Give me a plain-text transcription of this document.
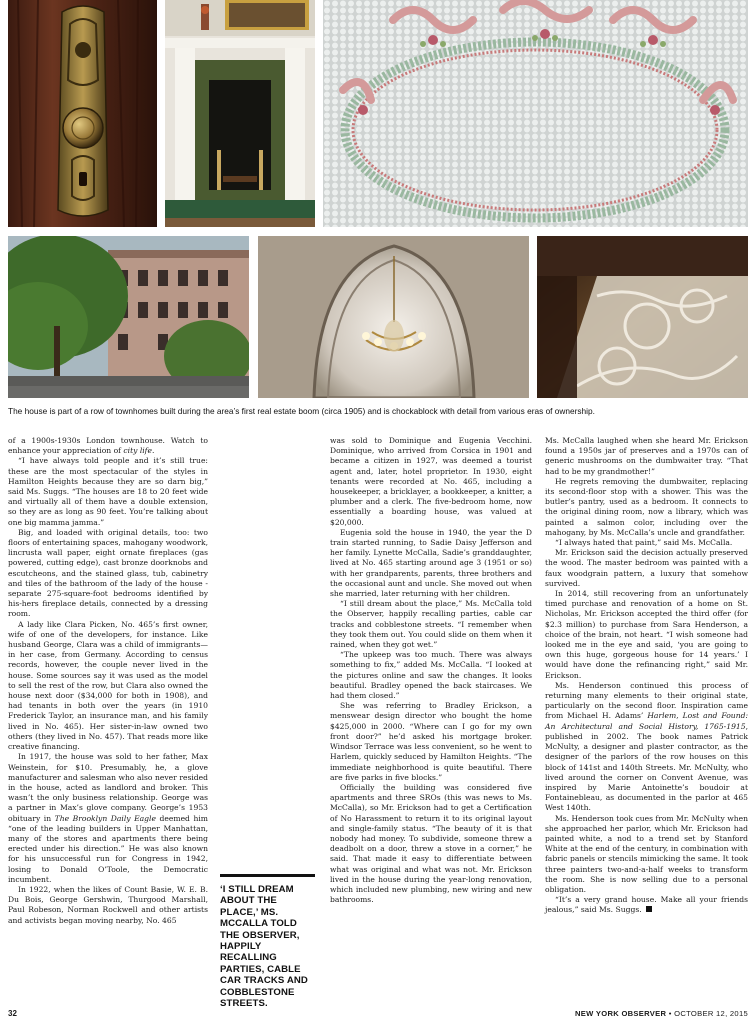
The house is part of a row of townhomes built during the area’s first real estate boom (circa 1905) and is chockablock with detail from various eras of ownership.

of a 1900s-1930s London townhouse. Watch to enhance your appreciation of city life.

“I have always told people and it’s still true: these are the most spectacular of the styles in Hamilton Heights because they are so darn big,” said Ms. Suggs. “The houses are 18 to 20 feet wide and virtually all of them have a double extension, so they are as long as 90 feet. You’re talking about one big mamma jamma.”

Big, and loaded with original details, too: two floors of entertaining spaces, mahogany woodwork, lincrusta wall paper, eight ornate fireplaces (gas powered, cutting edge), cast bronze doorknobs and escutcheons, and the stained glass, tub, cabinetry and tiles of the bathroom of the lady of the house -separate 275-square-foot bedrooms identified by his-hers fireplace details, connected by a dressing room.

A lady like Clara Picken, No. 465’s first owner, wife of one of the developers, for instance. Like husband George, Clara was a child of immigrants—in her case, from Germany. According to census records, however, the couple never lived in the house. Some sources say it was used as the model to sell the rest of the row, but Clara also owned the house next door ($34,000 for both in 1908), and had tenants in both over the years (in 1910 Frederick Taylor, an insurance man, and his family lived in No. 465). Her sister-in-law owned two others (they lived in No. 457). That reads more like creative financing.

In 1917, the house was sold to her father, Max Weinstein, for $10. Presumably, he, a glove manufacturer and salesman who also never resided in the house, acted as landlord and broker. This wasn’t the only business relationship. George was a partner in Max’s glove company. George’s 1953 obituary in The Brooklyn Daily Eagle deemed him “one of the leading builders in Upper Manhattan, many of the stores and apartments there being erected under his direction.” He was also known for his unsuccessful run for Congress in 1942, losing to Donald O’Toole, the Democratic incumbent.

In 1922, when the likes of Count Basie, W. E. B. Du Bois, George Gershwin, Thurgood Marshall, Paul Robeson, Norman Rockwell and other artists and activists began moving nearby, No. 465

‘I STILL DREAM ABOUT THE PLACE,’ MS. MCCALLA TOLD THE OBSERVER, HAPPILY RECALLING PARTIES, CABLE CAR TRACKS AND COBBLESTONE STREETS.

was sold to Dominique and Eugenia Vecchini. Dominique, who arrived from Corsica in 1901 and became a citizen in 1927, was deemed a tourist agent and, later, hotel proprietor. In 1930, eight tenants were recorded at No. 465, including a housekeeper, a bricklayer, a bookkeeper, a knitter, a plumber and a clerk. The five-bedroom home, now essentially a boarding house, was valued at $20,000.

Eugenia sold the house in 1940, the year the D train started running, to Sadie Daisy Jefferson and her family. Lynette McCalla, Sadie’s granddaughter, lived at No. 465 starting around age 3 (1951 or so) with her grandparents, parents, three brothers and the occasional aunt and uncle. She moved out when she married, later returning with her children.

“I still dream about the place,” Ms. McCalla told the Observer, happily recalling parties, cable car tracks and cobblestone streets. “I remember when they took them out. You could slide on them when it rained, when they got wet.”

“The upkeep was too much. There was always something to fix,” added Ms. McCalla. “I looked at the pictures online and saw the changes. It looks beautiful. Bradley opened the back staircases. We had them closed.”

She was referring to Bradley Erickson, a menswear design director who bought the home $425,000 in 2000. “Where can I go for my own front door?” he’d asked his mortgage broker. Windsor Terrace was less convenient, so he went to Harlem, quickly seduced by Hamilton Heights. “The immediate neighborhood is quite beautiful. There are five parks in five blocks.”

Officially the building was considered five apartments and three SROs (this was news to Ms. McCalla), so Mr. Erickson had to get a Certification of No Harassment to return it to its original layout and single-family status. “The beauty of it is that nobody had money. To subdivide, someone threw a deadbolt on a door, threw a stove in a corner,” he said. That made it easy to differentiate between what was original and what was not. Mr. Erickson lived in the house during the year-long renovation, which included new plumbing, new wiring and new bathrooms.

Ms. McCalla laughed when she heard Mr. Erickson found a 1950s jar of preserves and a 1970s can of generic mushrooms on the dumbwaiter tray. “That had to be my grandmother!”

He regrets removing the dumbwaiter, replacing its second-floor stop with a shower. This was the butler’s pantry, used as a bedroom. It connects to the original dining room, now a library, which was painted a salmon color, including over the mahogany, by Ms. McCalla’s uncle and grandfather.

“I always hated that paint,” said Ms. McCalla.

Mr. Erickson said the decision actually preserved the wood. The master bedroom was painted with a faux woodgrain pattern, a luxury that somehow survived.

In 2014, still recovering from an unfortunately timed purchase and renovation of a home on St. Nicholas, Mr. Erickson accepted the third offer (for $2.3 million) to purchase from Sara Henderson, a choice of the brain, not heart. “I wish someone had looked me in the eye and said, ‘you are going to own this huge, gorgeous house for 14 years.’ I would have done the refinancing right,” said Mr. Erickson.

Ms. Henderson continued this process of returning many elements to their original state, particularly on the second floor. Inspiration came from Michael H. Adams’ Harlem, Lost and Found: An Architectural and Social History, 1765-1915, published in 2002. The book names Patrick McNulty, a designer and plaster contractor, as the designer of the parlors of the row houses on this block of 141st and 140th Streets. Mr. McNulty, who lived around the corner on Convent Avenue, was inspired by Marie Antoinette’s boudoir at Fontainebleau, as documented in the parlor at 465 West 140th.

Ms. Henderson took cues from Mr. McNulty when she approached her parlor, which Mr. Erickson had painted white, a nod to a trend set by Stanford White at the end of the century, in combination with fabric panels or stencils mimicking the same. It took three painters two-and-a-half weeks to transform the room. She is now selling due to a personal obligation.

“It’s a very grand house. Make all your friends jealous,” said Ms. Suggs.

32	NEW YORK OBSERVER • OCTOBER 12, 2015
